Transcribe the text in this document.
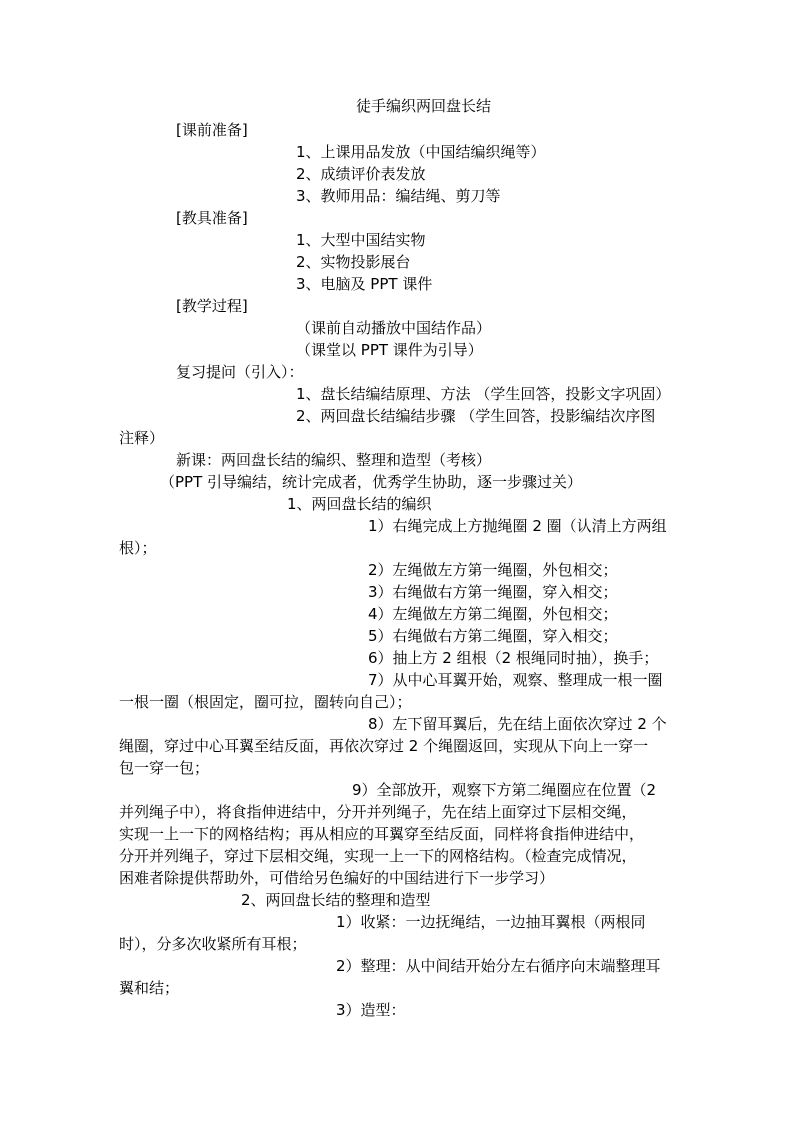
徒手编织两回盘长结
[课前准备]
1、上课用品发放（中国结编织绳等）
2、成绩评价表发放
3、教师用品：编结绳、剪刀等
[教具准备]
1、大型中国结实物
2、实物投影展台
3、电脑及 PPT 课件
[教学过程]
（课前自动播放中国结作品）
（课堂以 PPT 课件为引导）
复习提问（引入）：
1、盘长结编结原理、方法 （学生回答，投影文字巩固）
2、两回盘长结编结步骤 （学生回答，投影编结次序图
注释）
新课：两回盘长结的编织、整理和造型（考核）
（PPT 引导编结，统计完成者，优秀学生协助，逐一步骤过关）
1、两回盘长结的编织
1）右绳完成上方抛绳圈 2 圈（认清上方两组
根）；
2）左绳做左方第一绳圈，外包相交；
3）右绳做右方第一绳圈，穿入相交；
4）左绳做左方第二绳圈，外包相交；
5）右绳做右方第二绳圈，穿入相交；
6）抽上方 2 组根（2 根绳同时抽），换手；
7）从中心耳翼开始，观察、整理成一根一圈
一根一圈（根固定，圈可拉，圈转向自己）；
8）左下留耳翼后，先在结上面依次穿过 2 个
绳圈，穿过中心耳翼至结反面，再依次穿过 2 个绳圈返回，实现从下向上一穿一
包一穿一包；
9）全部放开，观察下方第二绳圈应在位置（2
并列绳子中），将食指伸进结中，分开并列绳子，先在结上面穿过下层相交绳，
实现一上一下的网格结构；再从相应的耳翼穿至结反面，同样将食指伸进结中，
分开并列绳子，穿过下层相交绳，实现一上一下的网格结构。（检查完成情况，
困难者除提供帮助外，可借给另色编好的中国结进行下一步学习）
2、两回盘长结的整理和造型
1）收紧：一边抚绳结，一边抽耳翼根（两根同
时），分多次收紧所有耳根；
2）整理：从中间结开始分左右循序向末端整理耳
翼和结；
3）造型：
